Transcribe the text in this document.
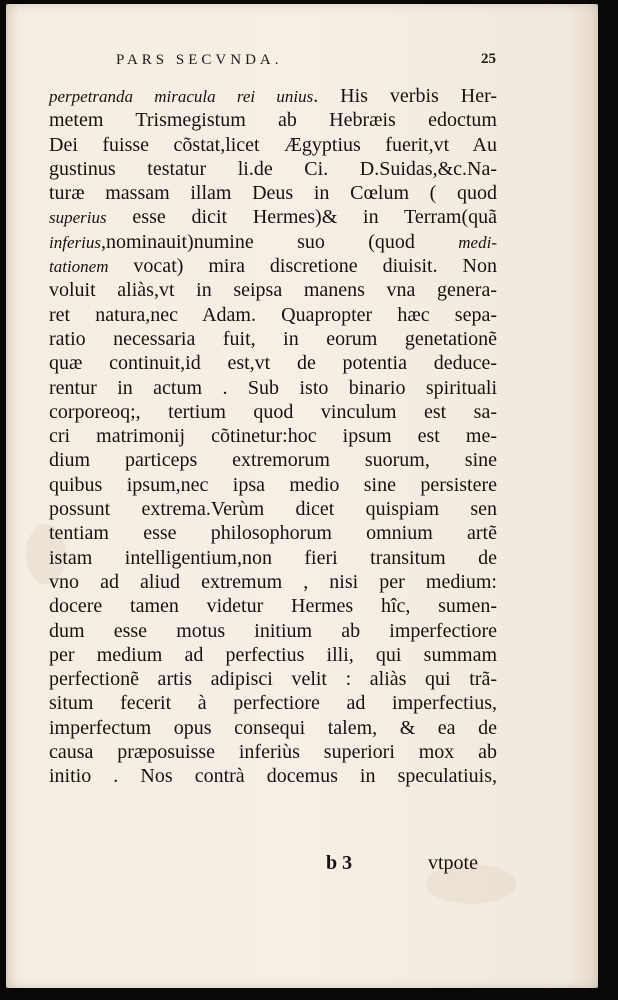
PARS SECVNDA.	25
perpetranda miracula rei unius. His verbis Her-
metem Trismegistum ab Hebræis edoctum
Dei fuisse cõstat,licet Ægyptius fuerit,vt Au
gustinus testatur li.de Ci. D.Suidas,&c.Na-
turæ massam illam Deus in Cœlum ( quod
superius esse dicit Hermes)& in Terram(quã
inferius,nominauit)numine suo (quod medi-
tationem vocat) mira discretione diuisit. Non
voluit aliàs,vt in seipsa manens vna genera-
ret natura,nec Adam. Quapropter hæc sepa-
ratio necessaria fuit, in eorum genetationẽ
quæ continuit,id est,vt de potentia deduce-
rentur in actum . Sub isto binario spirituali
corporeoq;, tertium quod vinculum est sa-
cri matrimonij cõtinetur:hoc ipsum est me-
dium particeps extremorum suorum, sine
quibus ipsum,nec ipsa medio sine persistere
possunt extrema.Verùm dicet quispiam sen
tentiam esse philosophorum omnium artẽ
istam intelligentium,non fieri transitum de
vno ad aliud extremum , nisi per medium:
docere tamen videtur Hermes hîc, sumen-
dum esse motus initium ab imperfectiore
per medium ad perfectius illi, qui summam
perfectionẽ artis adipisci velit : aliàs qui trã-
situm fecerit à perfectiore ad imperfectius,
imperfectum opus consequi talem, & ea de
causa præposuisse inferiùs superiori mox ab
initio . Nos contrà docemus in speculatiuis,
b 3	vtpote
